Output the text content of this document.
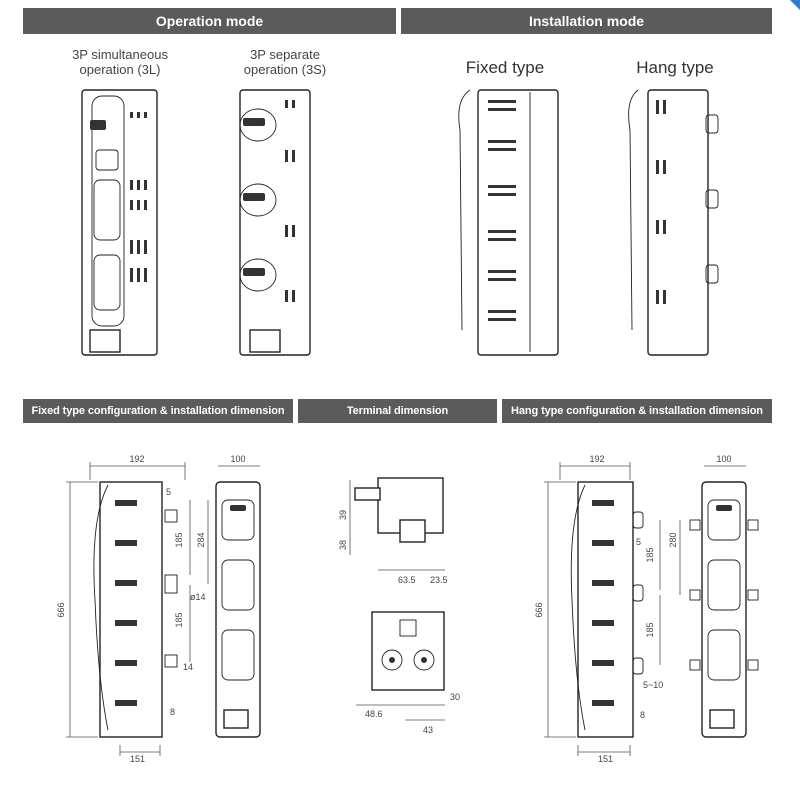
Operation mode	Installation mode
3P simultaneous
operation (3L)
3P separate
operation (3S)	Fixed type	Hang type
Fixed type configuration & installation dimension	Terminal dimension	Hang type configuration & installation dimension
192
666
185
185
284
ø14
14
5
8
151
100
39
38
63.5 23.5
48.6
43
30
192
666
185
185
280
5
5~10
8
151
100
